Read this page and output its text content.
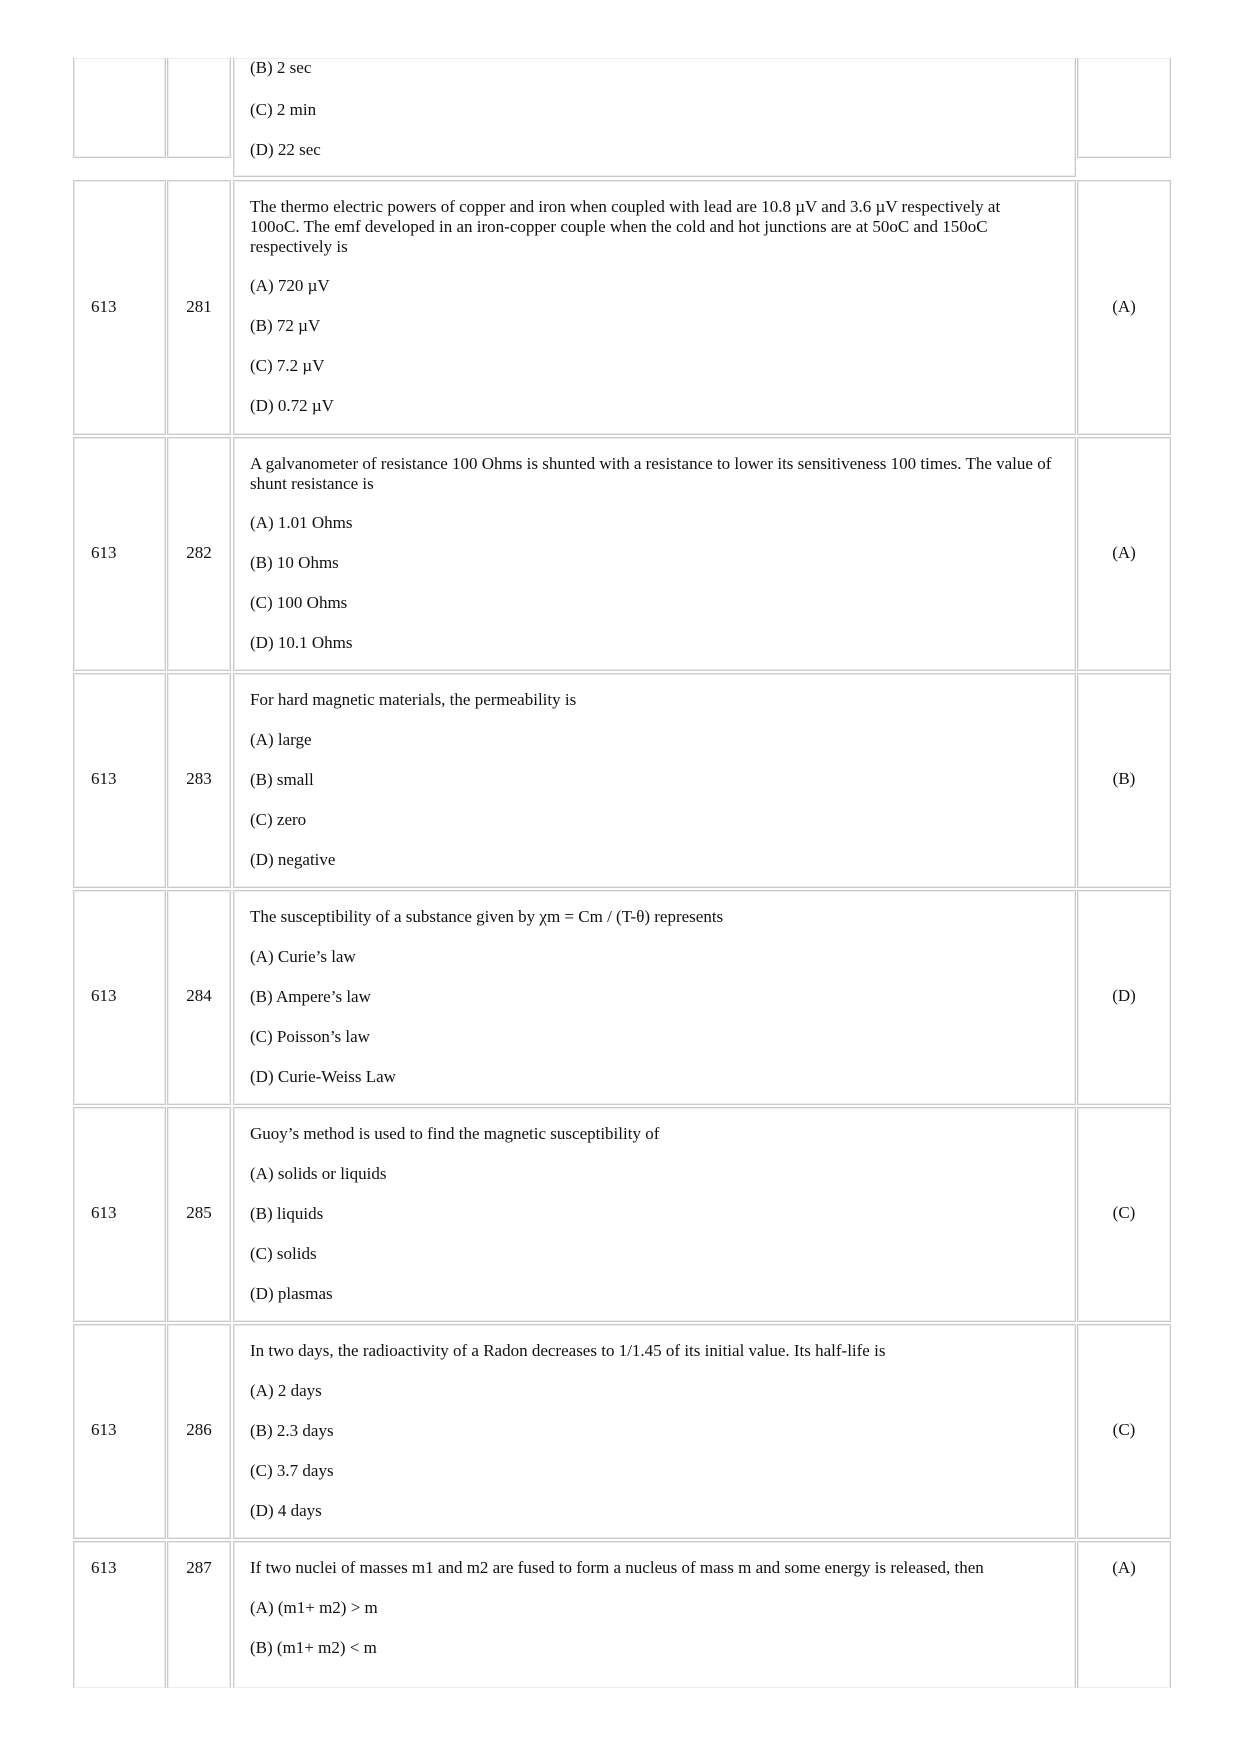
(B) 2 sec
(C) 2 min
(D) 22 sec
613	281
The thermo electric powers of copper and iron when coupled with lead are 10.8 µV and 3.6 µV respectively at 100oC. The emf developed in an iron-copper couple when the cold and hot junctions are at 50oC and 150oC respectively is
(A) 720 µV
(B) 72 µV
(C) 7.2 µV
(D) 0.72 µV
(A)
613	282
A galvanometer of resistance 100 Ohms is shunted with a resistance to lower its sensitiveness 100 times. The value of shunt resistance is
(A) 1.01 Ohms
(B) 10 Ohms
(C) 100 Ohms
(D) 10.1 Ohms
(A)
613	283
For hard magnetic materials, the permeability is
(A) large
(B) small
(C) zero
(D) negative
(B)
613	284
The susceptibility of a substance given by χm = Cm / (T-θ) represents
(A) Curie’s law
(B) Ampere’s law
(C) Poisson’s law
(D) Curie-Weiss Law
(D)
613	285
Guoy’s method is used to find the magnetic susceptibility of
(A) solids or liquids
(B) liquids
(C) solids
(D) plasmas
(C)
613	286
In two days, the radioactivity of a Radon decreases to 1/1.45 of its initial value. Its half-life is
(A) 2 days
(B) 2.3 days
(C) 3.7 days
(D) 4 days
(C)
613	287	If two nuclei of masses m1 and m2 are fused to form a nucleus of mass m and some energy is released, then
(A) (m1+ m2) > m
(B) (m1+ m2) < m
(A)
